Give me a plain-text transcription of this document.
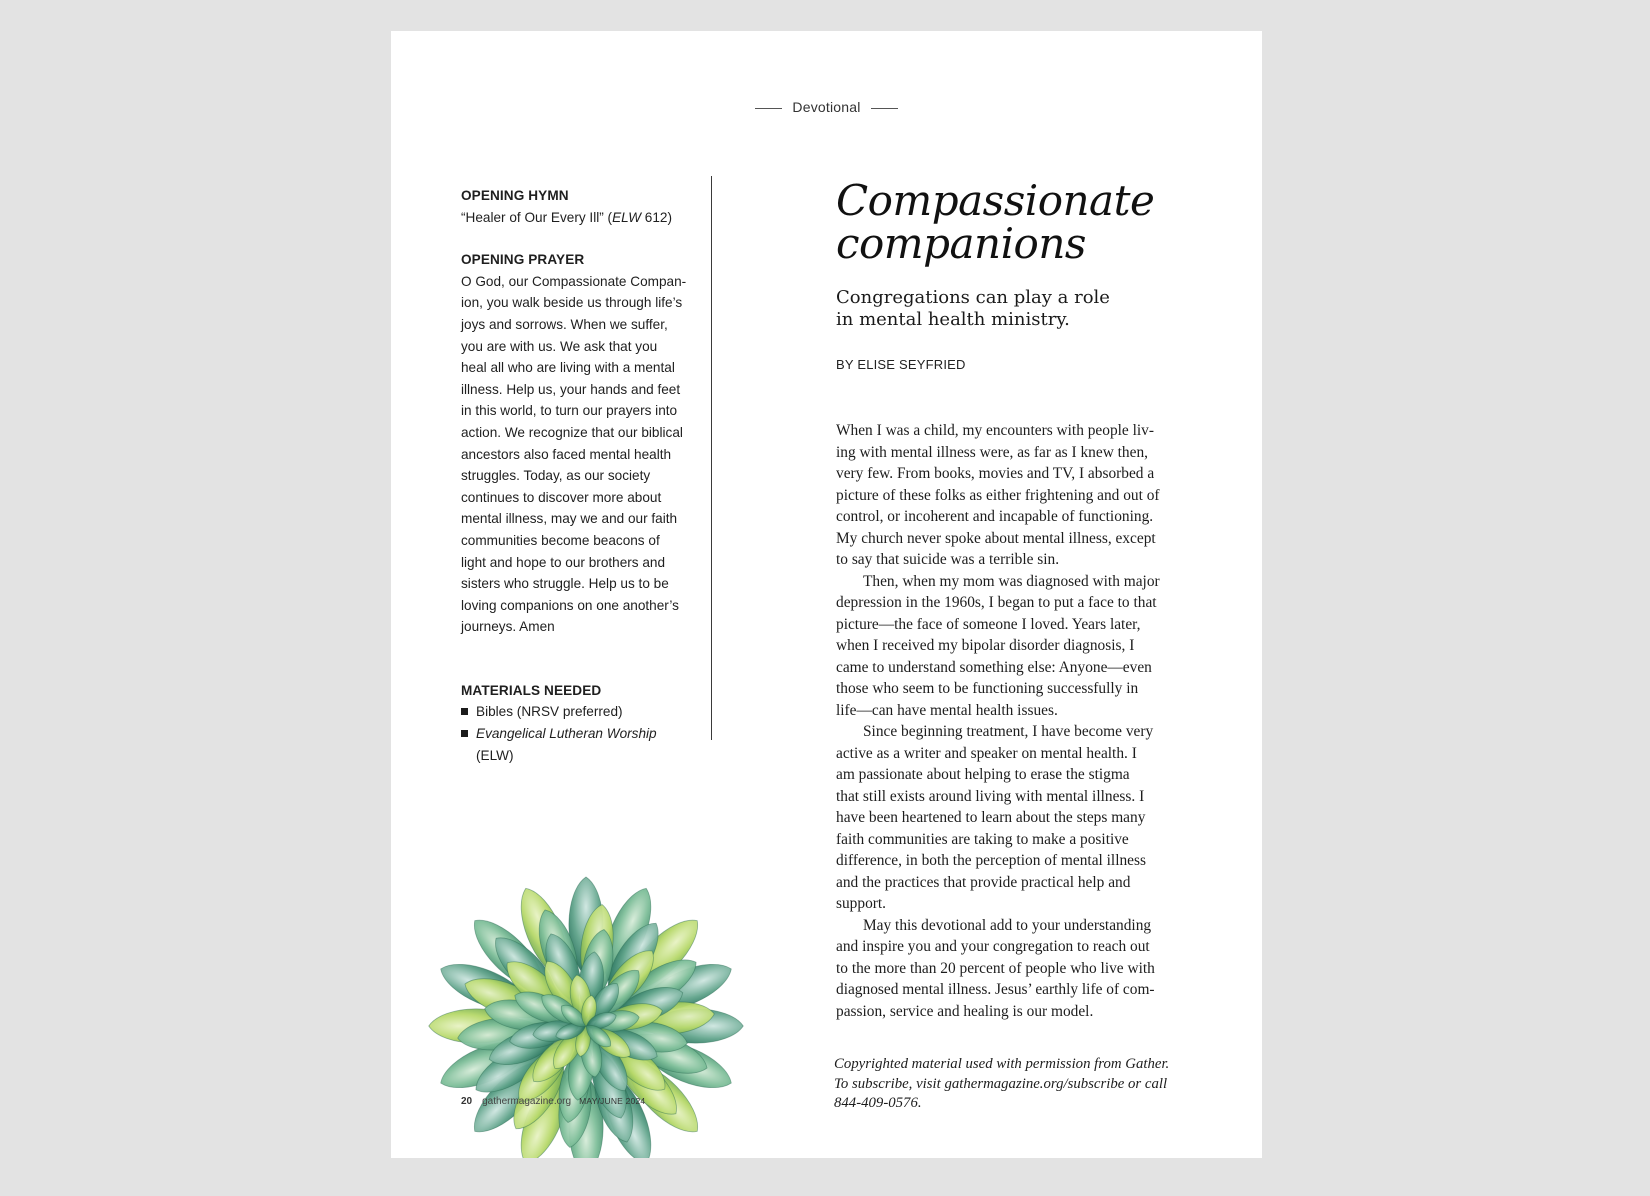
Devotional

OPENING HYMN

“Healer of Our Every Ill” (ELW 612)

OPENING PRAYER

O God, our Compassionate Compan-
ion, you walk beside us through life’s
joys and sorrows. When we suffer,
you are with us. We ask that you
heal all who are living with a mental
illness. Help us, your hands and feet
in this world, to turn our prayers into
action. We recognize that our biblical
ancestors also faced mental health
struggles. Today, as our society
continues to discover more about
mental illness, may we and our faith
communities become beacons of
light and hope to our brothers and
sisters who struggle. Help us to be
loving companions on one another’s
journeys. Amen

MATERIALS NEEDED

Bibles (NRSV preferred)
Evangelical Lutheran Worship (ELW)
Compassionate
companions

Congregations can play a role
in mental health ministry.

BY ELISE SEYFRIED

When I was a child, my encounters with people liv-
ing with mental illness were, as far as I knew then,
very few. From books, movies and TV, I absorbed a
picture of these folks as either frightening and out of
control, or incoherent and incapable of functioning.
My church never spoke about mental illness, except
to say that suicide was a terrible sin.

Then, when my mom was diagnosed with major
depression in the 1960s, I began to put a face to that
picture—the face of someone I loved. Years later,
when I received my bipolar disorder diagnosis, I
came to understand something else: Anyone—even
those who seem to be functioning successfully in
life—can have mental health issues.

Since beginning treatment, I have become very
active as a writer and speaker on mental health. I
am passionate about helping to erase the stigma
that still exists around living with mental illness. I
have been heartened to learn about the steps many
faith communities are taking to make a positive
difference, in both the perception of mental illness
and the practices that provide practical help and
support.

May this devotional add to your understanding
and inspire you and your congregation to reach out
to the more than 20 percent of people who live with
diagnosed mental illness. Jesus’ earthly life of com-
passion, service and healing is our model.

Copyrighted material used with permission from Gather.
To subscribe, visit gathermagazine.org/subscribe or call
844-409-0576.
20 gathermagazine.org MAY/JUNE 2024
